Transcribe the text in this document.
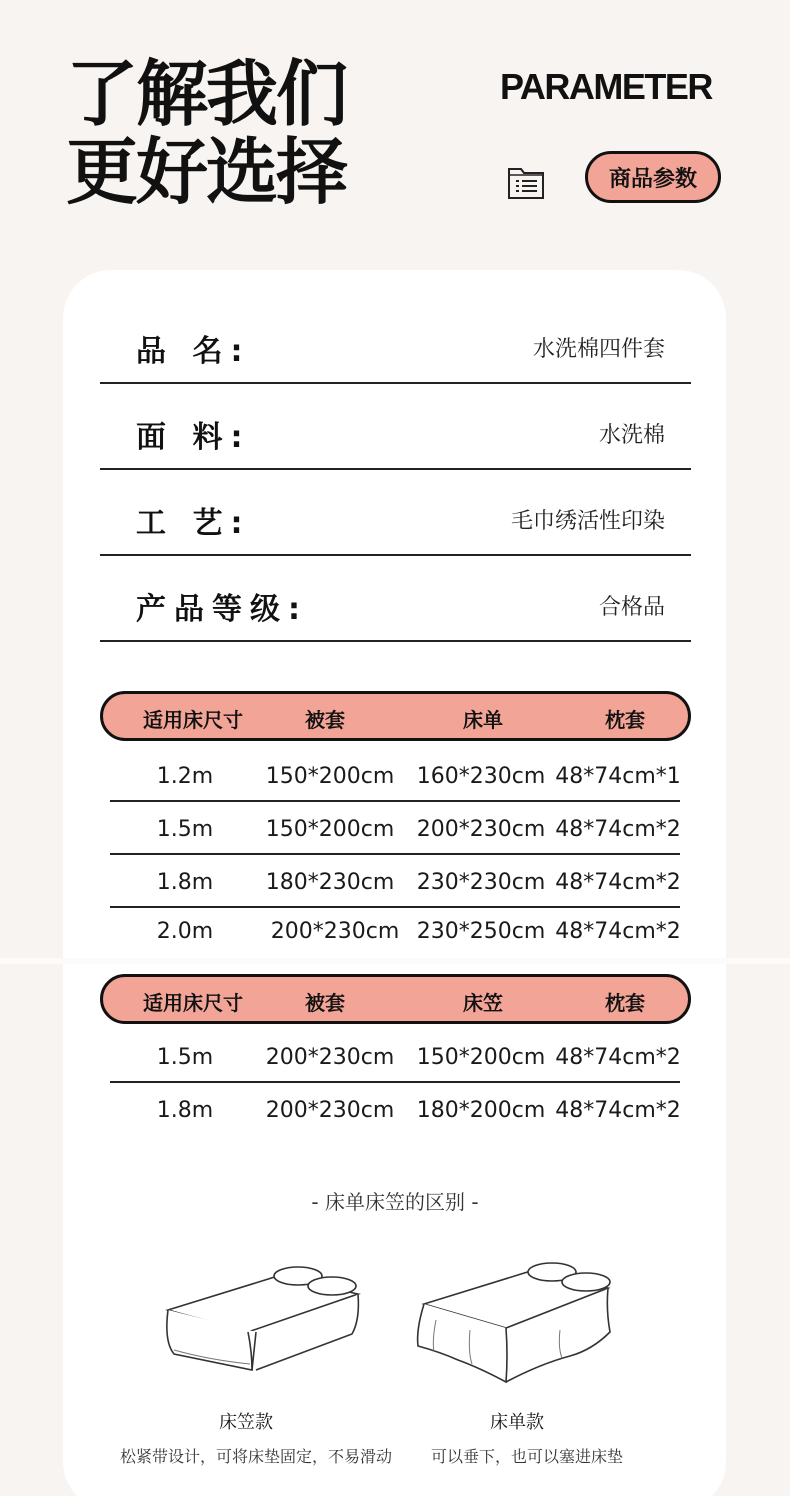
了解我们
更好选择
PARAMETER
商品参数
品 名:	水洗棉四件套
面 料:	水洗棉
工 艺:	毛巾绣活性印染
产品等级:	合格品
适用床尺寸	被套	床单	枕套
1.2m 150*200cm 160*230cm 48*74cm*1
1.5m 150*200cm 200*230cm 48*74cm*2
1.8m 180*230cm 230*230cm 48*74cm*2
2.0m	200*230cm 230*250cm 48*74cm*2
适用床尺寸	被套	床笠	枕套
1.5m 200*230cm 150*200cm 48*74cm*2
1.8m 200*230cm 180*200cm 48*74cm*2
- 床单床笠的区别 -
床笠款
松紧带设计，可将床垫固定，不易滑动
床单款
可以垂下，也可以塞进床垫
